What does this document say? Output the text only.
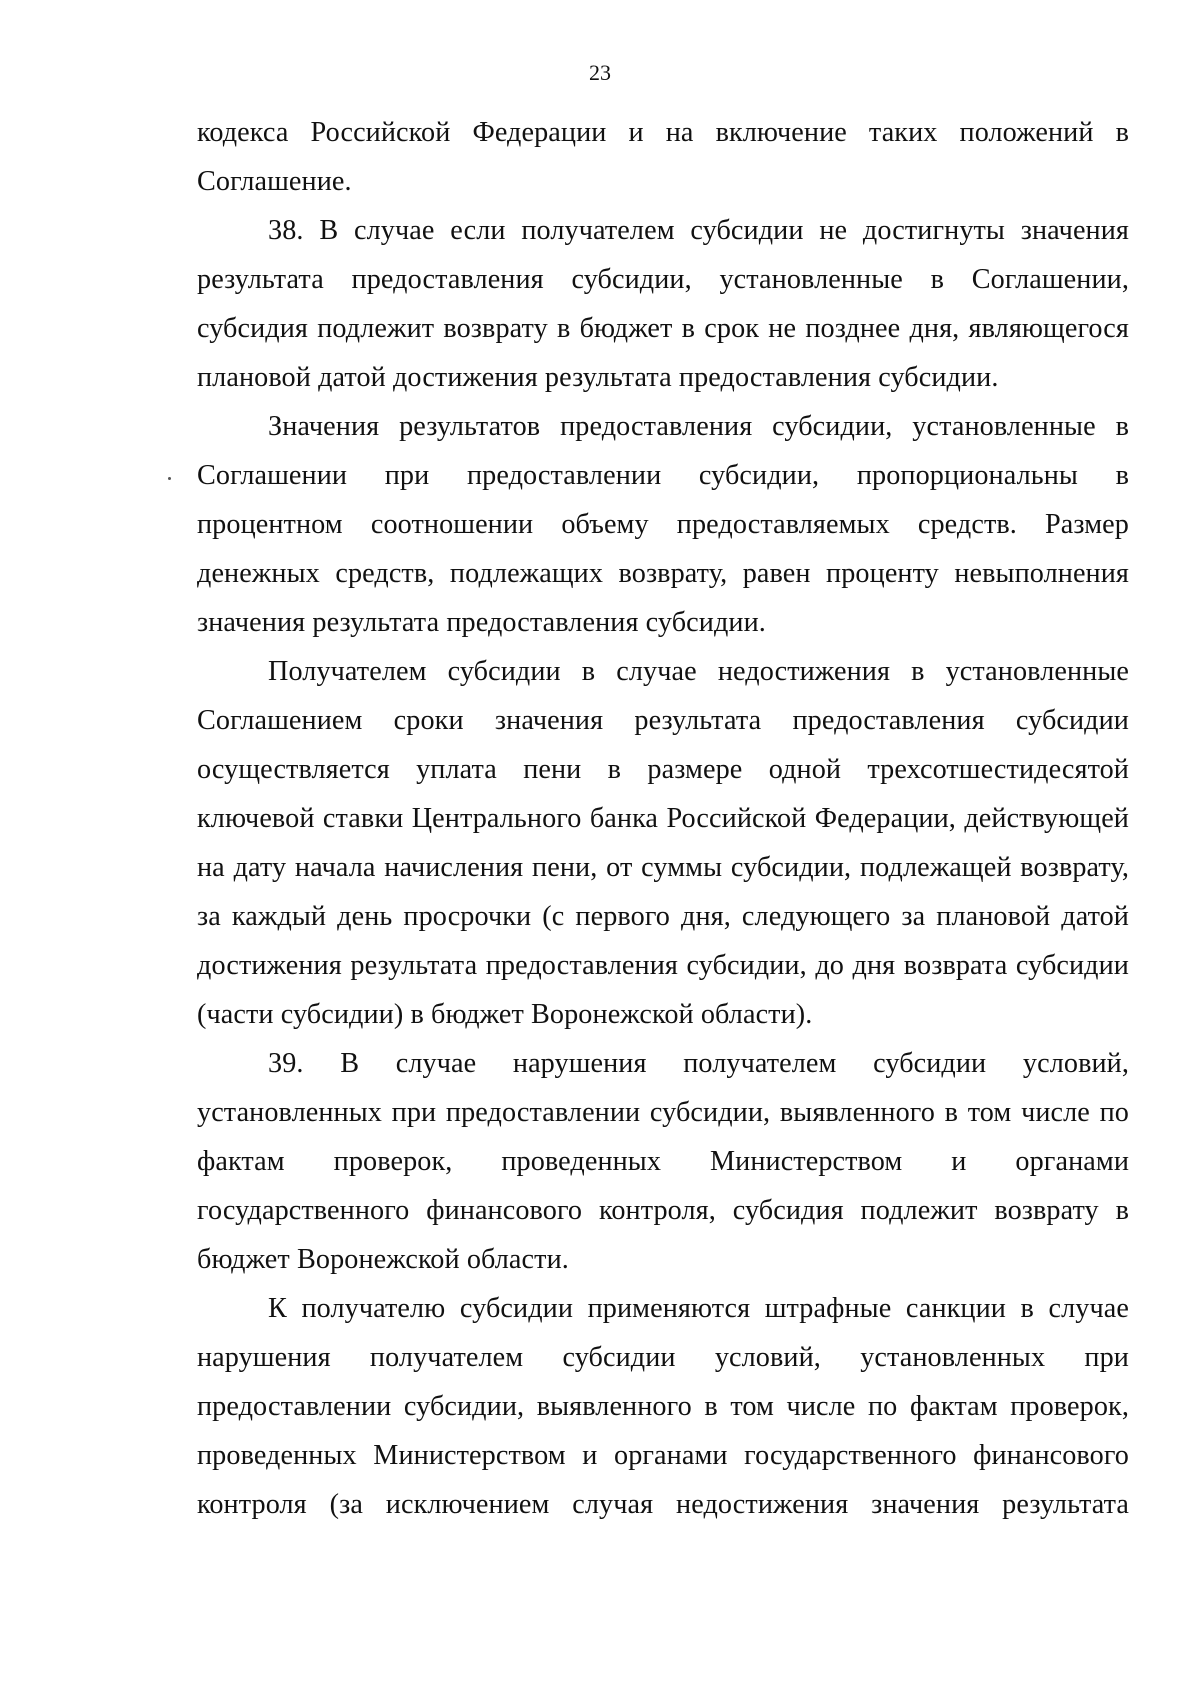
23

кодекса Российской Федерации и на включение таких положений в Соглашение.

38. В случае если получателем субсидии не достигнуты значения результата предоставления субсидии, установленные в Соглашении, субсидия подлежит возврату в бюджет в срок не позднее дня, являющегося плановой датой достижения результата предоставления субсидии.

Значения результатов предоставления субсидии, установленные в Соглашении при предоставлении субсидии, пропорциональны в процентном соотношении объему предоставляемых средств. Размер денежных средств, подлежащих возврату, равен проценту невыполнения значения результата предоставления субсидии.

Получателем субсидии в случае недостижения в установленные Соглашением сроки значения результата предоставления субсидии осуществляется уплата пени в размере одной трехсотшестидесятой ключевой ставки Центрального банка Российской Федерации, действующей на дату начала начисления пени, от суммы субсидии, подлежащей возврату, за каждый день просрочки (с первого дня, следующего за плановой датой достижения результата предоставления субсидии, до дня возврата субсидии (части субсидии) в бюджет Воронежской области).

39. В случае нарушения получателем субсидии условий, установленных при предоставлении субсидии, выявленного в том числе по фактам проверок, проведенных Министерством и органами государственного финансового контроля, субсидия подлежит возврату в бюджет Воронежской области.

К получателю субсидии применяются штрафные санкции в случае нарушения получателем субсидии условий, установленных при предоставлении субсидии, выявленного в том числе по фактам проверок, проведенных Министерством и органами государственного финансового контроля (за исключением случая недостижения значения результата
